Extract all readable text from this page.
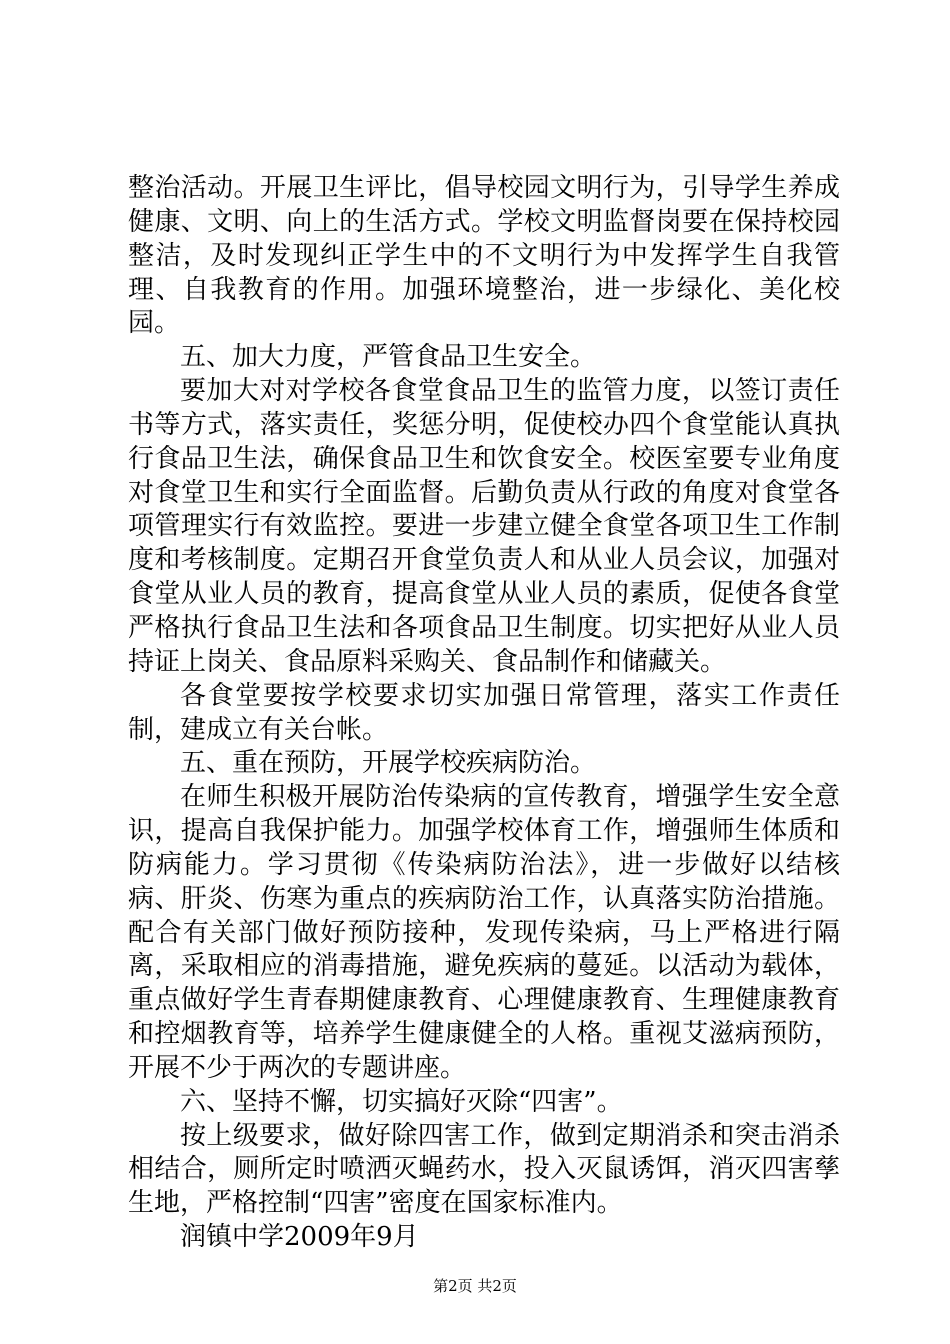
整治活动。开展卫生评比，倡导校园文明行为，引导学生养成健康、文明、向上的生活方式。学校文明监督岗要在保持校园整洁，及时发现纠正学生中的不文明行为中发挥学生自我管理、自我教育的作用。加强环境整治，进一步绿化、美化校园。

五、加大力度，严管食品卫生安全。

要加大对对学校各食堂食品卫生的监管力度，以签订责任书等方式，落实责任，奖惩分明，促使校办四个食堂能认真执行食品卫生法，确保食品卫生和饮食安全。校医室要专业角度对食堂卫生和实行全面监督。后勤负责从行政的角度对食堂各项管理实行有效监控。要进一步建立健全食堂各项卫生工作制度和考核制度。定期召开食堂负责人和从业人员会议，加强对食堂从业人员的教育，提高食堂从业人员的素质，促使各食堂严格执行食品卫生法和各项食品卫生制度。切实把好从业人员持证上岗关、食品原料采购关、食品制作和储藏关。

各食堂要按学校要求切实加强日常管理，落实工作责任制，建成立有关台帐。

五、重在预防，开展学校疾病防治。

在师生积极开展防治传染病的宣传教育，增强学生安全意识，提高自我保护能力。加强学校体育工作，增强师生体质和防病能力。学习贯彻《传染病防治法》，进一步做好以结核病、肝炎、伤寒为重点的疾病防治工作，认真落实防治措施。配合有关部门做好预防接种，发现传染病，马上严格进行隔离，采取相应的消毒措施，避免疾病的蔓延。以活动为载体，重点做好学生青春期健康教育、心理健康教育、生理健康教育和控烟教育等，培养学生健康健全的人格。重视艾滋病预防，开展不少于两次的专题讲座。

六、坚持不懈，切实搞好灭除“四害”。

按上级要求，做好除四害工作，做到定期消杀和突击消杀相结合，厕所定时喷洒灭蝇药水，投入灭鼠诱饵，消灭四害孳生地，严格控制“四害”密度在国家标准内。

润镇中学2009年9月

第2页 共2页
